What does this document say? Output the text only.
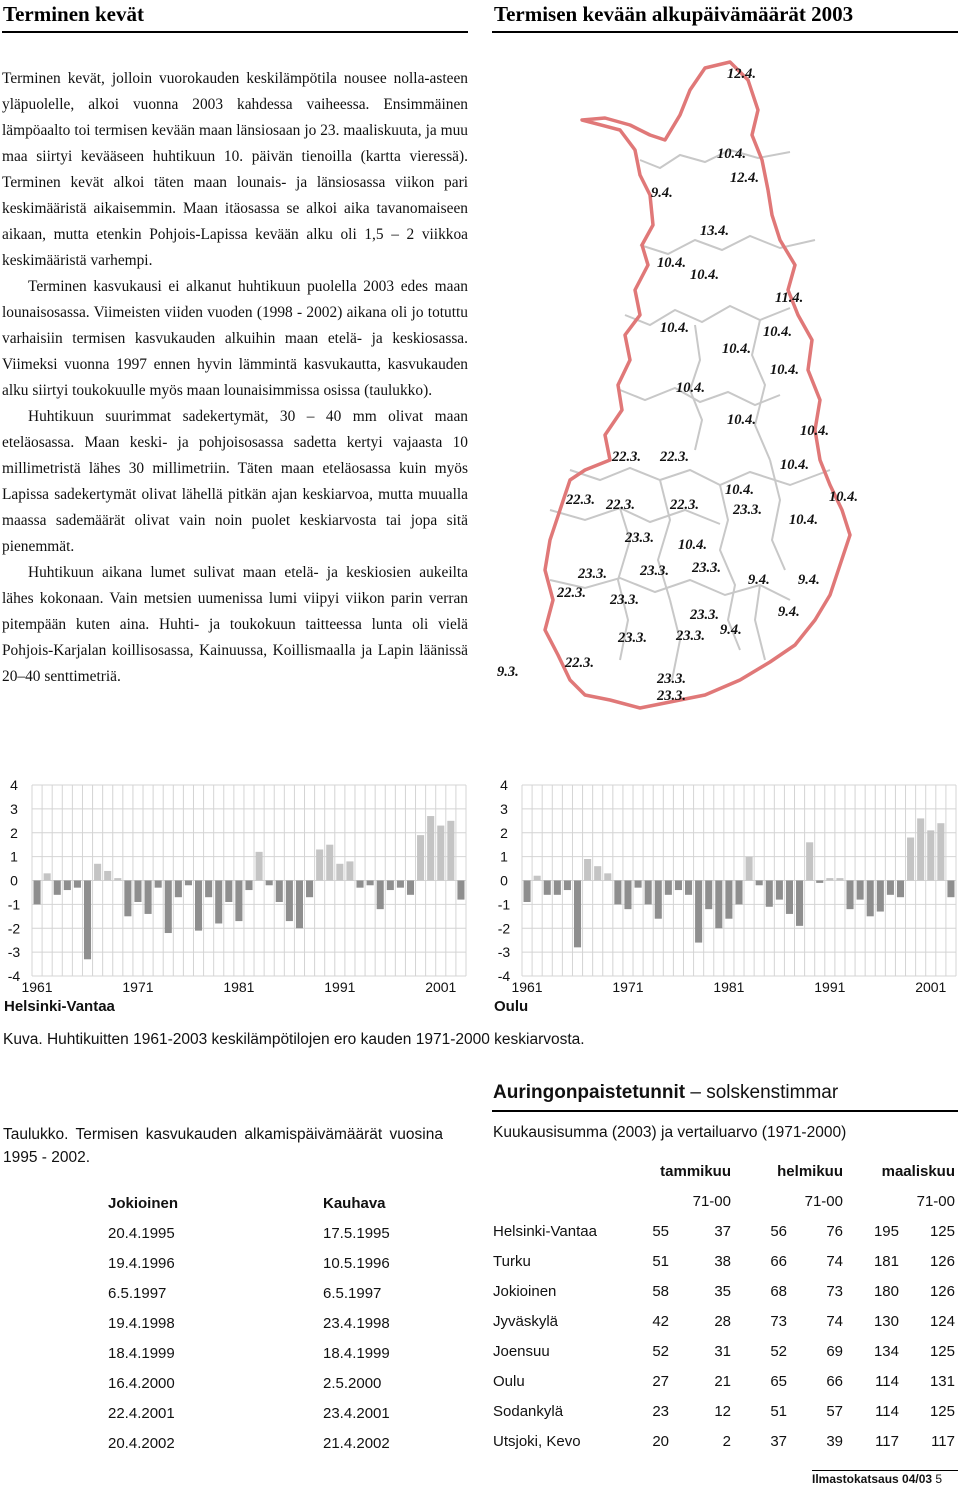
Terminen kevät	Termisen kevään alkupäivämäärät 2003

Terminen kevät, jolloin vuorokauden keskilämpötila nousee nolla-asteen yläpuolelle, alkoi vuonna 2003 kahdessa vaiheessa. Ensimmäinen lämpöaalto toi termisen kevään maan länsiosaan jo 23. maaliskuuta, ja muu maa siirtyi kevääseen huhtikuun 10. päivän tienoilla (kartta vieressä). Terminen kevät alkoi täten maan lounais- ja länsiosassa viikon pari keskimääristä aikaisemmin. Maan itäosassa se alkoi aika tavanomaiseen aikaan, mutta etenkin Pohjois-Lapissa kevään alku oli 1,5 – 2 viikkoa keskimääristä varhempi.

Terminen kasvukausi ei alkanut huhtikuun puolella 2003 edes maan lounaisosassa. Viimeisten viiden vuoden (1998 - 2002) aikana oli jo totuttu varhaisiin termisen kasvukauden alkuihin maan etelä- ja keskiosassa. Viimeksi vuonna 1997 ennen hyvin lämmintä kasvukautta, kasvukauden alku siirtyi toukokuulle myös maan lounaisimmissa osissa (taulukko).

Huhtikuun suurimmat sadekertymät, 30 – 40 mm olivat maan eteläosassa. Maan keski- ja pohjoisosassa sadetta kertyi vajaasta 10 millimetristä lähes 30 millimetriin. Täten maan eteläosassa kuin myös Lapissa sadekertymät olivat lähellä pitkän ajan keskiarvoa, mutta muualla maassa sademäärät olivat vain noin puolet keskiarvosta tai jopa sitä pienemmät.

Huhtikuun aikana lumet sulivat maan etelä- ja keskiosien aukeilta lähes kokonaan. Vain metsien uumenissa lumi viipyi viikon parin verran pitempään kuten aina. Huhti- ja toukokuun taitteessa lunta oli vielä Pohjois-Karjalan koillisosassa, Kainuussa, Koillismaalla ja Lapin läänissä 20–40 senttimetriä.

12.4.
10.4.
12.4.
9.4.
13.4.
10.4.
10.4.
11.4.
10.4.	10.4.
10.4.
10.4.
10.4.
10.4.
10.4.
22.3. 22.3.	10.4.
22.3. 22.3. 22.3.
10.4.
23.3.
10.4.
10.4.
23.3. 10.4.
23.3. 23.3. 23.3.
9.4. 9.4.
22.3. 23.3.
23.3.	9.4.
23.3. 23.3. 9.4.
9.3.
22.3.
23.3.
23.3.
4
3
2
1
0
-1
-2
-3
-4
1961	1971	1981	1991	2001
Helsinki-Vantaa
4
3
2
1
0
-1
-2
-3
-4
1961	1971	1981	1991	2001
Oulu
Kuva. Huhtikuitten 1961-2003 keskilämpötilojen ero kauden 1971-2000 keskiarvosta.
Taulukko. Termisen kasvukauden alkamispäivämäärät vuosina 1995 - 2002.
Jokioinen	Kauhava
20.4.1995	17.5.1995
19.4.1996	10.5.1996
6.5.1997	6.5.1997
19.4.1998	23.4.1998
18.4.1999	18.4.1999
16.4.2000	2.5.2000
22.4.2001	23.4.2001
20.4.2002	21.4.2002
Auringonpaistetunnit – solskenstimmar
Kuukausisumma (2003) ja vertailuarvo (1971-2000)
	tammikuu		helmikuu		maaliskuu	
	71-00		71-00		71-00	
Helsinki-Vantaa	55	37	56	76	195	125
Turku	51	38	66	74	181	126
Jokioinen	58	35	68	73	180	126
Jyväskylä	42	28	73	74	130	124
Joensuu	52	31	52	69	134	125
Oulu	27	21	65	66	114	131
Sodankylä	23	12	51	57	114	125
Utsjoki, Kevo	20	2	37	39	117	117
Ilmastokatsaus 04/03 5
